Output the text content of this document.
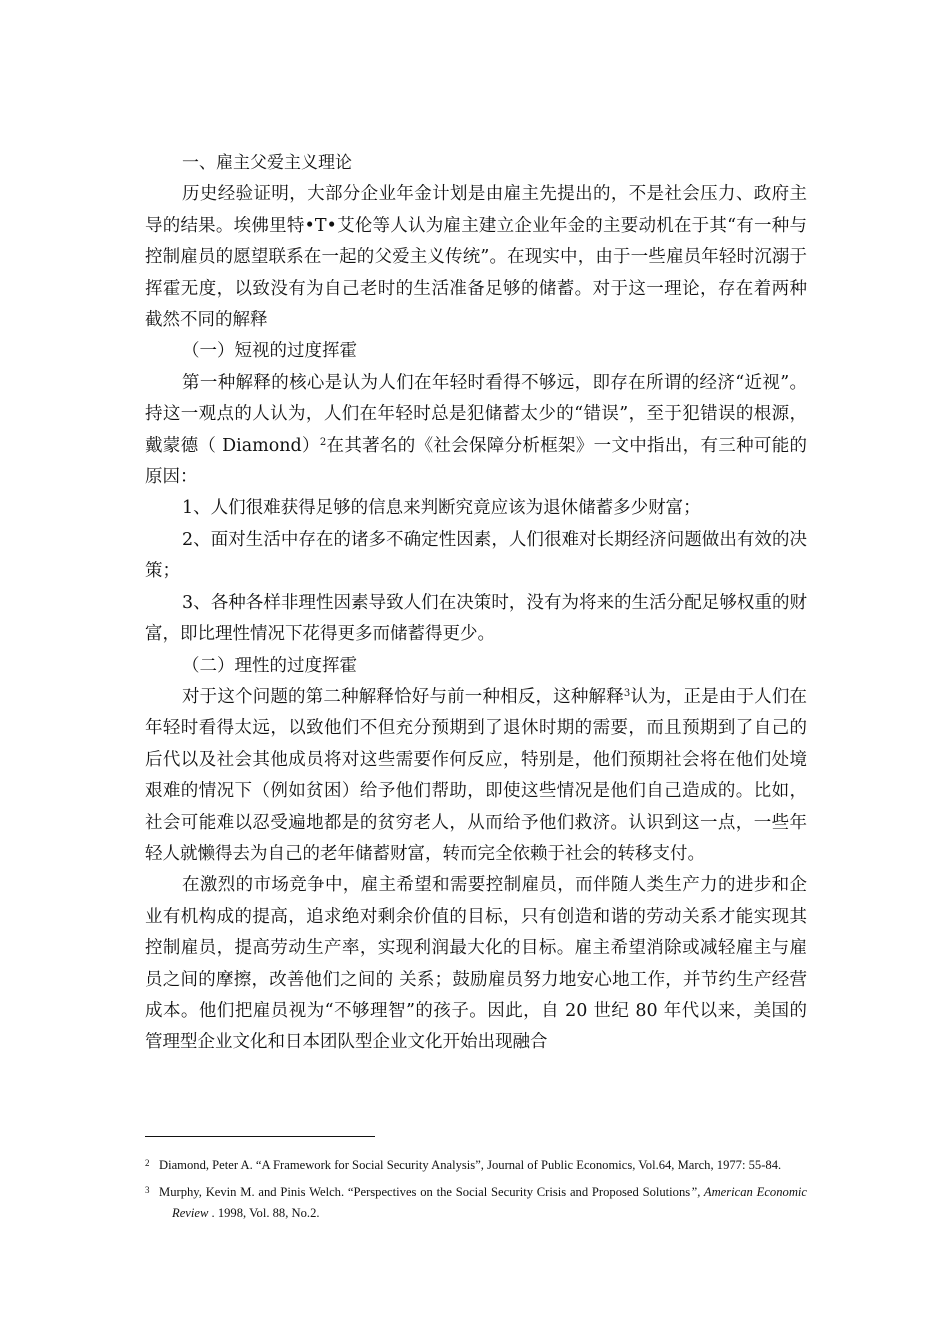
一、雇主父爱主义理论

历史经验证明，大部分企业年金计划是由雇主先提出的，不是社会压力、政府主导的结果。埃佛里特•T•艾伦等人认为雇主建立企业年金的主要动机在于其“有一种与控制雇员的愿望联系在一起的父爱主义传统”。在现实中，由于一些雇员年轻时沉溺于挥霍无度，以致没有为自己老时的生活准备足够的储蓄。对于这一理论，存在着两种截然不同的解释

（一）短视的过度挥霍

第一种解释的核心是认为人们在年轻时看得不够远，即存在所谓的经济“近视”。持这一观点的人认为，人们在年轻时总是犯储蓄太少的“错误”，至于犯错误的根源，戴蒙德（ Diamond）$^2$在其著名的《社会保障分析框架》一文中指出，有三种可能的原因：

1、人们很难获得足够的信息来判断究竟应该为退休储蓄多少财富；

2、面对生活中存在的诸多不确定性因素，人们很难对长期经济问题做出有效的决策；

3、各种各样非理性因素导致人们在决策时，没有为将来的生活分配足够权重的财富，即比理性情况下花得更多而储蓄得更少。

（二）理性的过度挥霍

对于这个问题的第二种解释恰好与前一种相反，这种解释$^3$认为，正是由于人们在年轻时看得太远，以致他们不但充分预期到了退休时期的需要，而且预期到了自己的后代以及社会其他成员将对这些需要作何反应，特别是，他们预期社会将在他们处境艰难的情况下（例如贫困）给予他们帮助，即使这些情况是他们自己造成的。比如，社会可能难以忍受遍地都是的贫穷老人，从而给予他们救济。认识到这一点，一些年轻人就懒得去为自己的老年储蓄财富，转而完全依赖于社会的转移支付。

在激烈的市场竞争中，雇主希望和需要控制雇员，而伴随人类生产力的进步和企业有机构成的提高，追求绝对剩余价值的目标，只有创造和谐的劳动关系才能实现其控制雇员，提高劳动生产率，实现利润最大化的目标。雇主希望消除或减轻雇主与雇员之间的摩擦，改善他们之间的 关系；鼓励雇员努力地安心地工作，并节约生产经营成本。他们把雇员视为“不够理智”的孩子。因此，自 20 世纪 80 年代以来，美国的管理型企业文化和日本团队型企业文化开始出现融合

2 Diamond, Peter A. “A Framework for Social Security Analysis”, Journal of Public Economics, Vol.64, March, 1977: 55-84.

3 Murphy, Kevin M. and Pinis Welch. “Perspectives on the Social Security Crisis and Proposed Solutions”, American Economic Review . 1998, Vol. 88, No.2.
